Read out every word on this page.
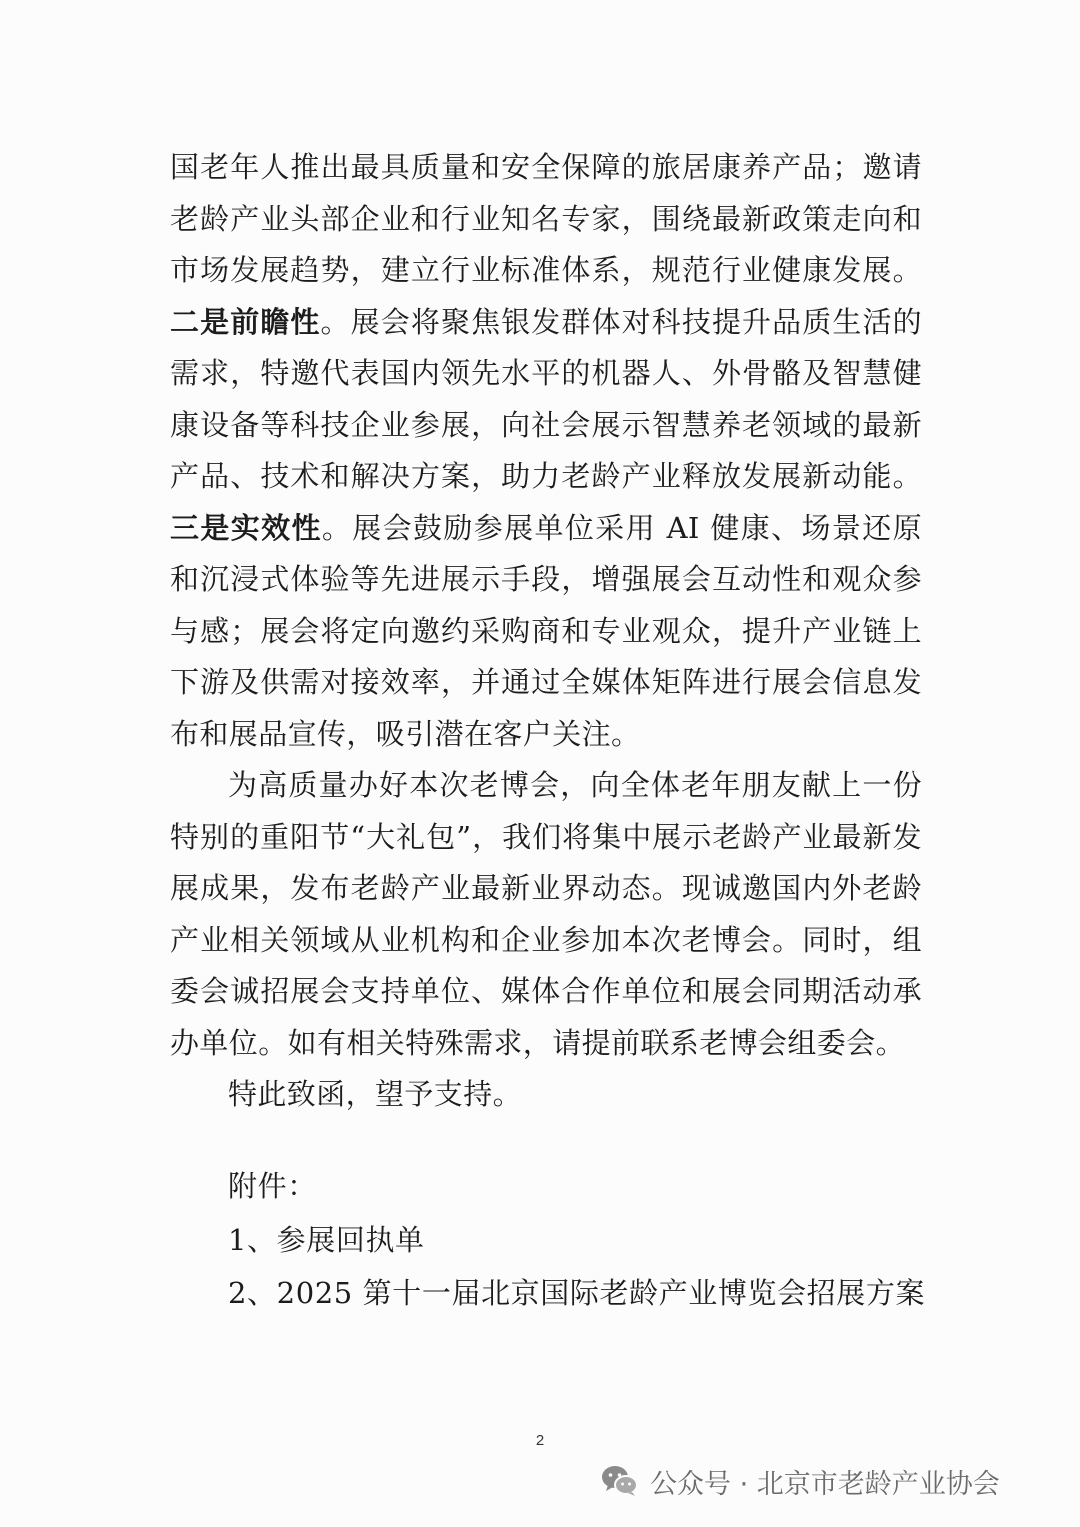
国老年人推出最具质量和安全保障的旅居康养产品；邀请老龄产业头部企业和行业知名专家，围绕最新政策走向和市场发展趋势，建立行业标准体系，规范行业健康发展。二是前瞻性。展会将聚焦银发群体对科技提升品质生活的需求，特邀代表国内领先水平的机器人、外骨骼及智慧健康设备等科技企业参展，向社会展示智慧养老领域的最新产品、技术和解决方案，助力老龄产业释放发展新动能。三是实效性。展会鼓励参展单位采用 AI 健康、场景还原和沉浸式体验等先进展示手段，增强展会互动性和观众参与感；展会将定向邀约采购商和专业观众，提升产业链上下游及供需对接效率，并通过全媒体矩阵进行展会信息发布和展品宣传，吸引潜在客户关注。

为高质量办好本次老博会，向全体老年朋友献上一份特别的重阳节“大礼包”，我们将集中展示老龄产业最新发展成果，发布老龄产业最新业界动态。现诚邀国内外老龄产业相关领域从业机构和企业参加本次老博会。同时，组委会诚招展会支持单位、媒体合作单位和展会同期活动承办单位。如有相关特殊需求，请提前联系老博会组委会。

特此致函，望予支持。

附件：
1、参展回执单
2、2025 第十一届北京国际老龄产业博览会招展方案
2
公众号 · 北京市老龄产业协会
